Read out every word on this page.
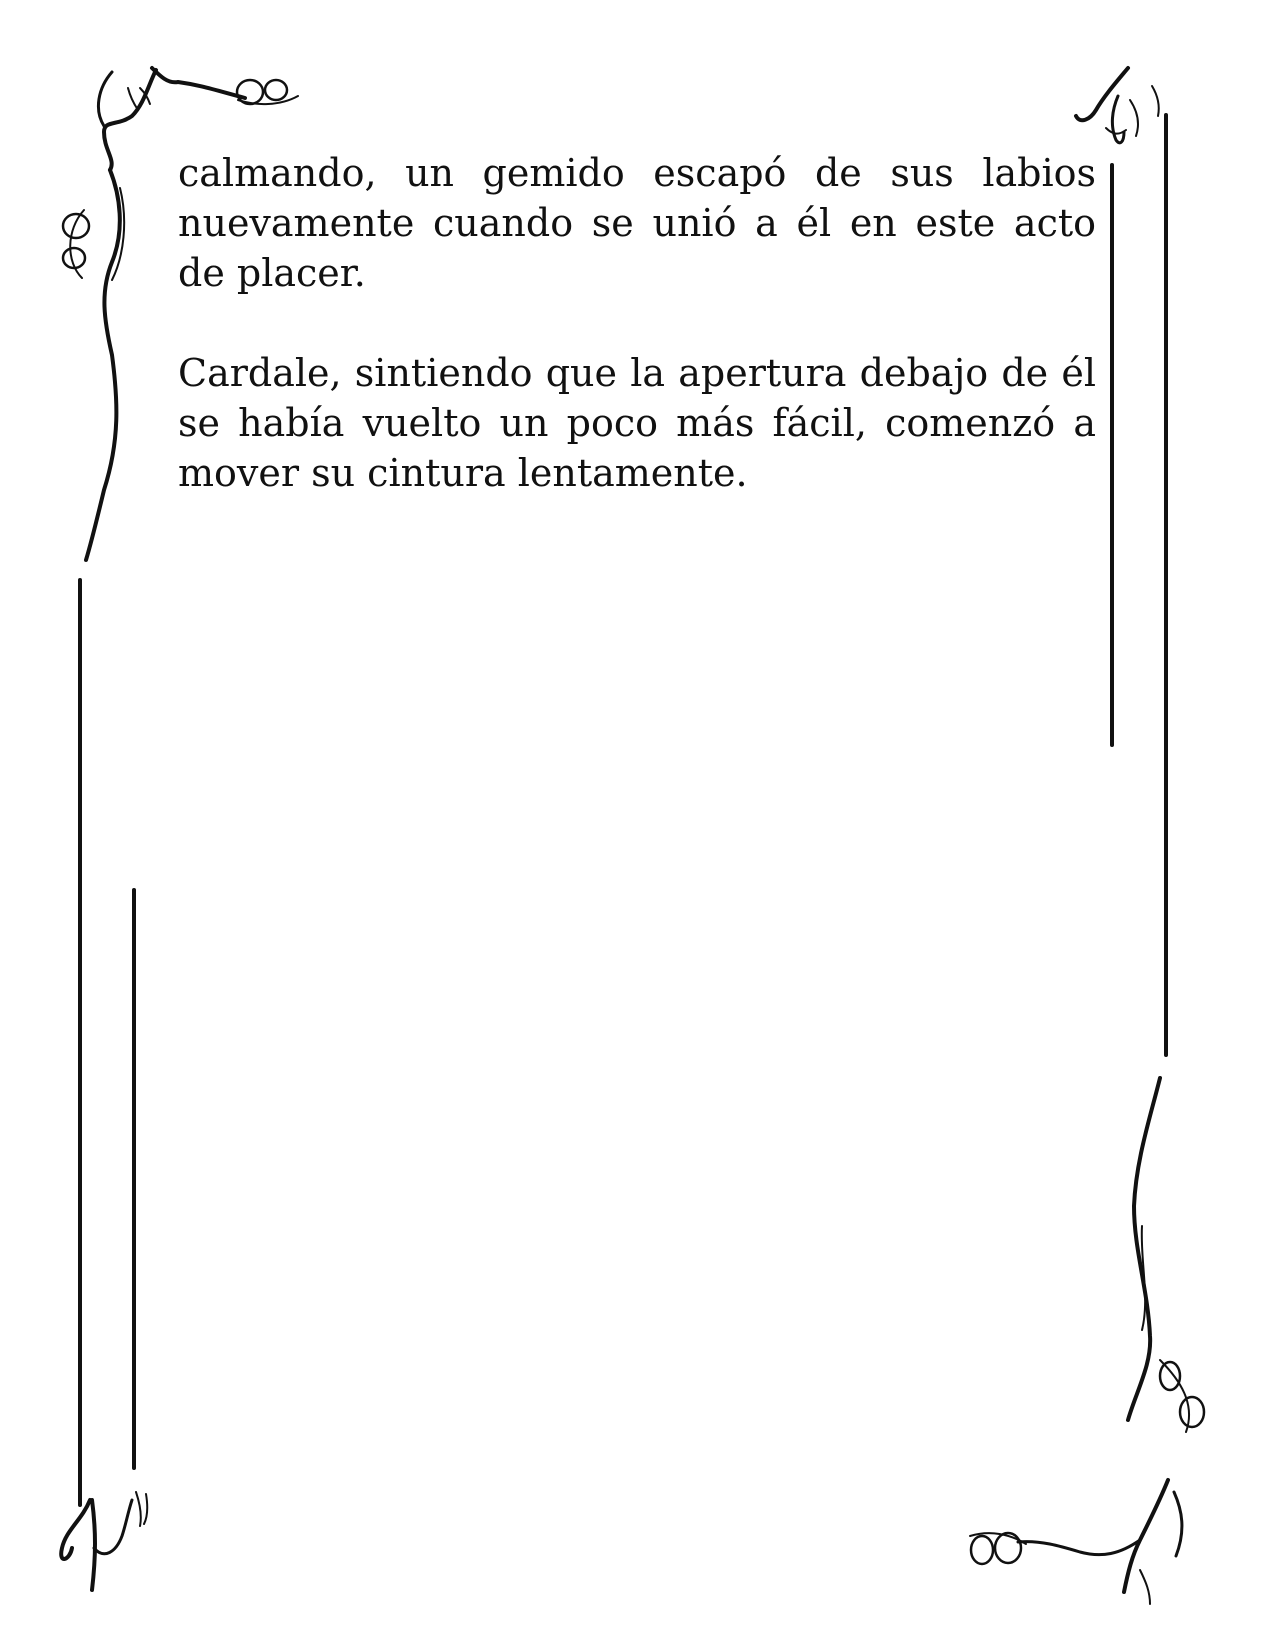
calmando, un gemido escapó de sus labios nuevamente cuando se unió a él en este acto de placer.

Cardale, sintiendo que la apertura debajo de él se había vuelto un poco más fácil, comenzó a mover su cintura lentamente.
